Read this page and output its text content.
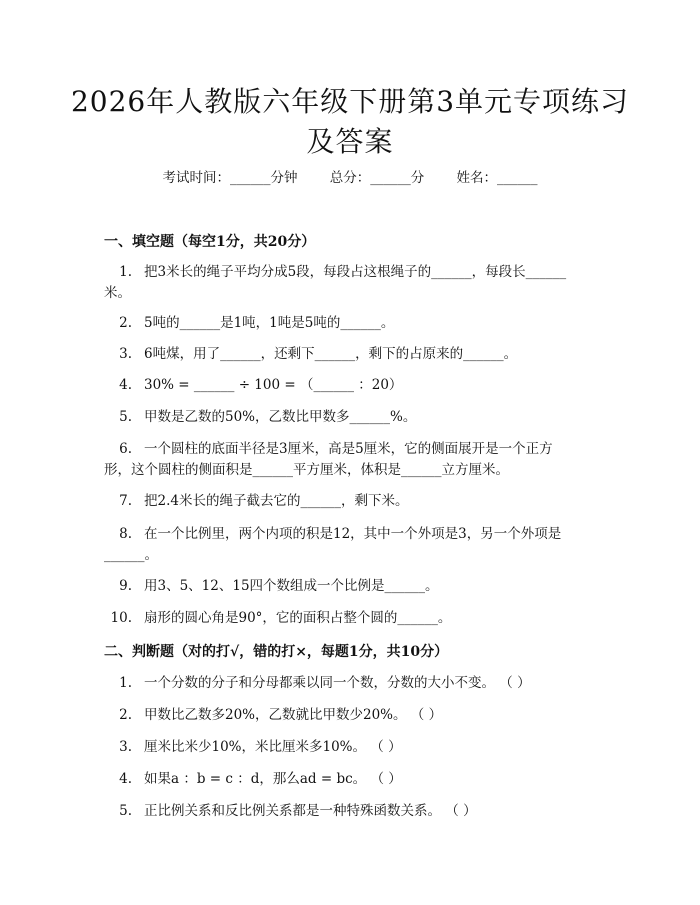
2026年人教版六年级下册第3单元专项练习
及答案
考试时间：______分钟 总分：______分 姓名：______
一、填空题（每空1分，共20分）
1. 把3米长的绳子平均分成5段，每段占这根绳子的______，每段长______
米。
2. 5吨的______是1吨，1吨是5吨的______。
3. 6吨煤，用了______，还剩下______，剩下的占原来的______。
4. 30% = ______ ÷ 100 = （______ ：20）
5. 甲数是乙数的50%，乙数比甲数多______%。
6. 一个圆柱的底面半径是3厘米，高是5厘米，它的侧面展开是一个正方
形，这个圆柱的侧面积是______平方厘米，体积是______立方厘米。
7. 把2.4米长的绳子截去它的______，剩下米。
8. 在一个比例里，两个内项的积是12，其中一个外项是3，另一个外项是
______。
9. 用3、5、12、15四个数组成一个比例是______。
10. 扇形的圆心角是90°，它的面积占整个圆的______。
二、判断题（对的打√，错的打×，每题1分，共10分）
1. 一个分数的分子和分母都乘以同一个数，分数的大小不变。 （ ）
2. 甲数比乙数多20%，乙数就比甲数少20%。 （ ）
3. 厘米比米少10%，米比厘米多10%。 （ ）
4. 如果a ：b = c ：d，那么ad = bc。 （ ）
5. 正比例关系和反比例关系都是一种特殊函数关系。 （ ）
